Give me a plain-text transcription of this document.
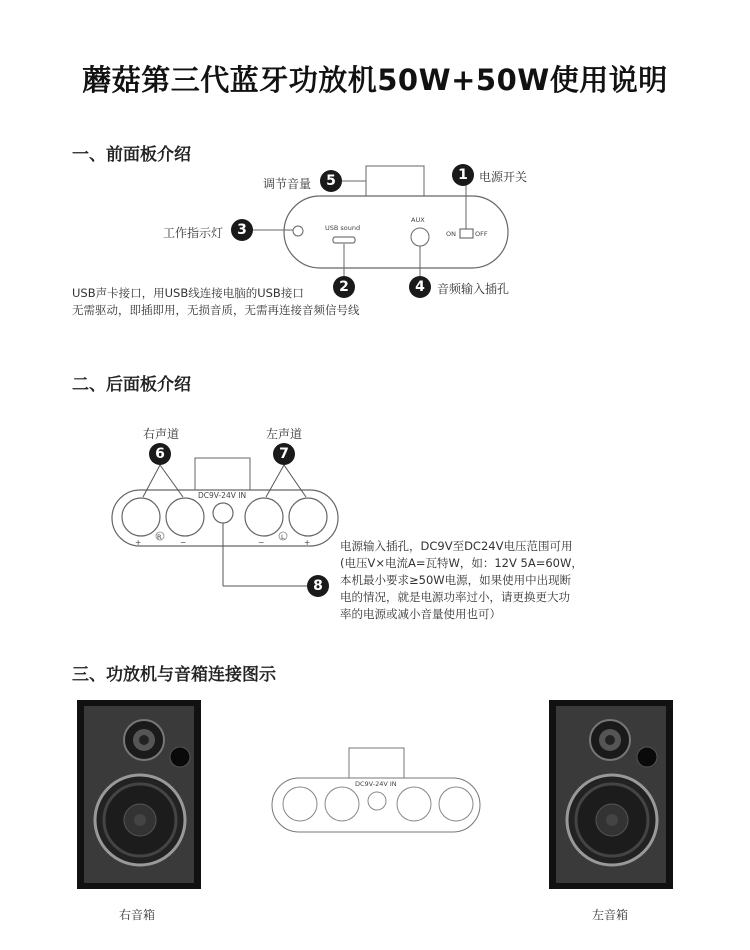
蘑菇第三代蓝牙功放机50W+50W使用说明
一、前面板介绍
调节音量	5	1 电源开关
工作指示灯	3	USB sound
AUX
ON	OFF
2	4	音频输入插孔
USB声卡接口，用USB线连接电脑的USB接口
无需驱动，即插即用，无损音质，无需再连接音频信号线
二、后面板介绍
右声道	左声道
6	7
DC9V-24V IN
+
R
−	−
L
+
8
电源输入插孔，DC9V至DC24V电压范围可用
(电压V×电流A=瓦特W，如：12V 5A=60W，
本机最小要求≥50W电源，如果使用中出现断
电的情况，就是电源功率过小，请更换更大功
率的电源或减小音量使用也可）
三、功放机与音箱连接图示
DC9V-24V IN
右音箱	左音箱
